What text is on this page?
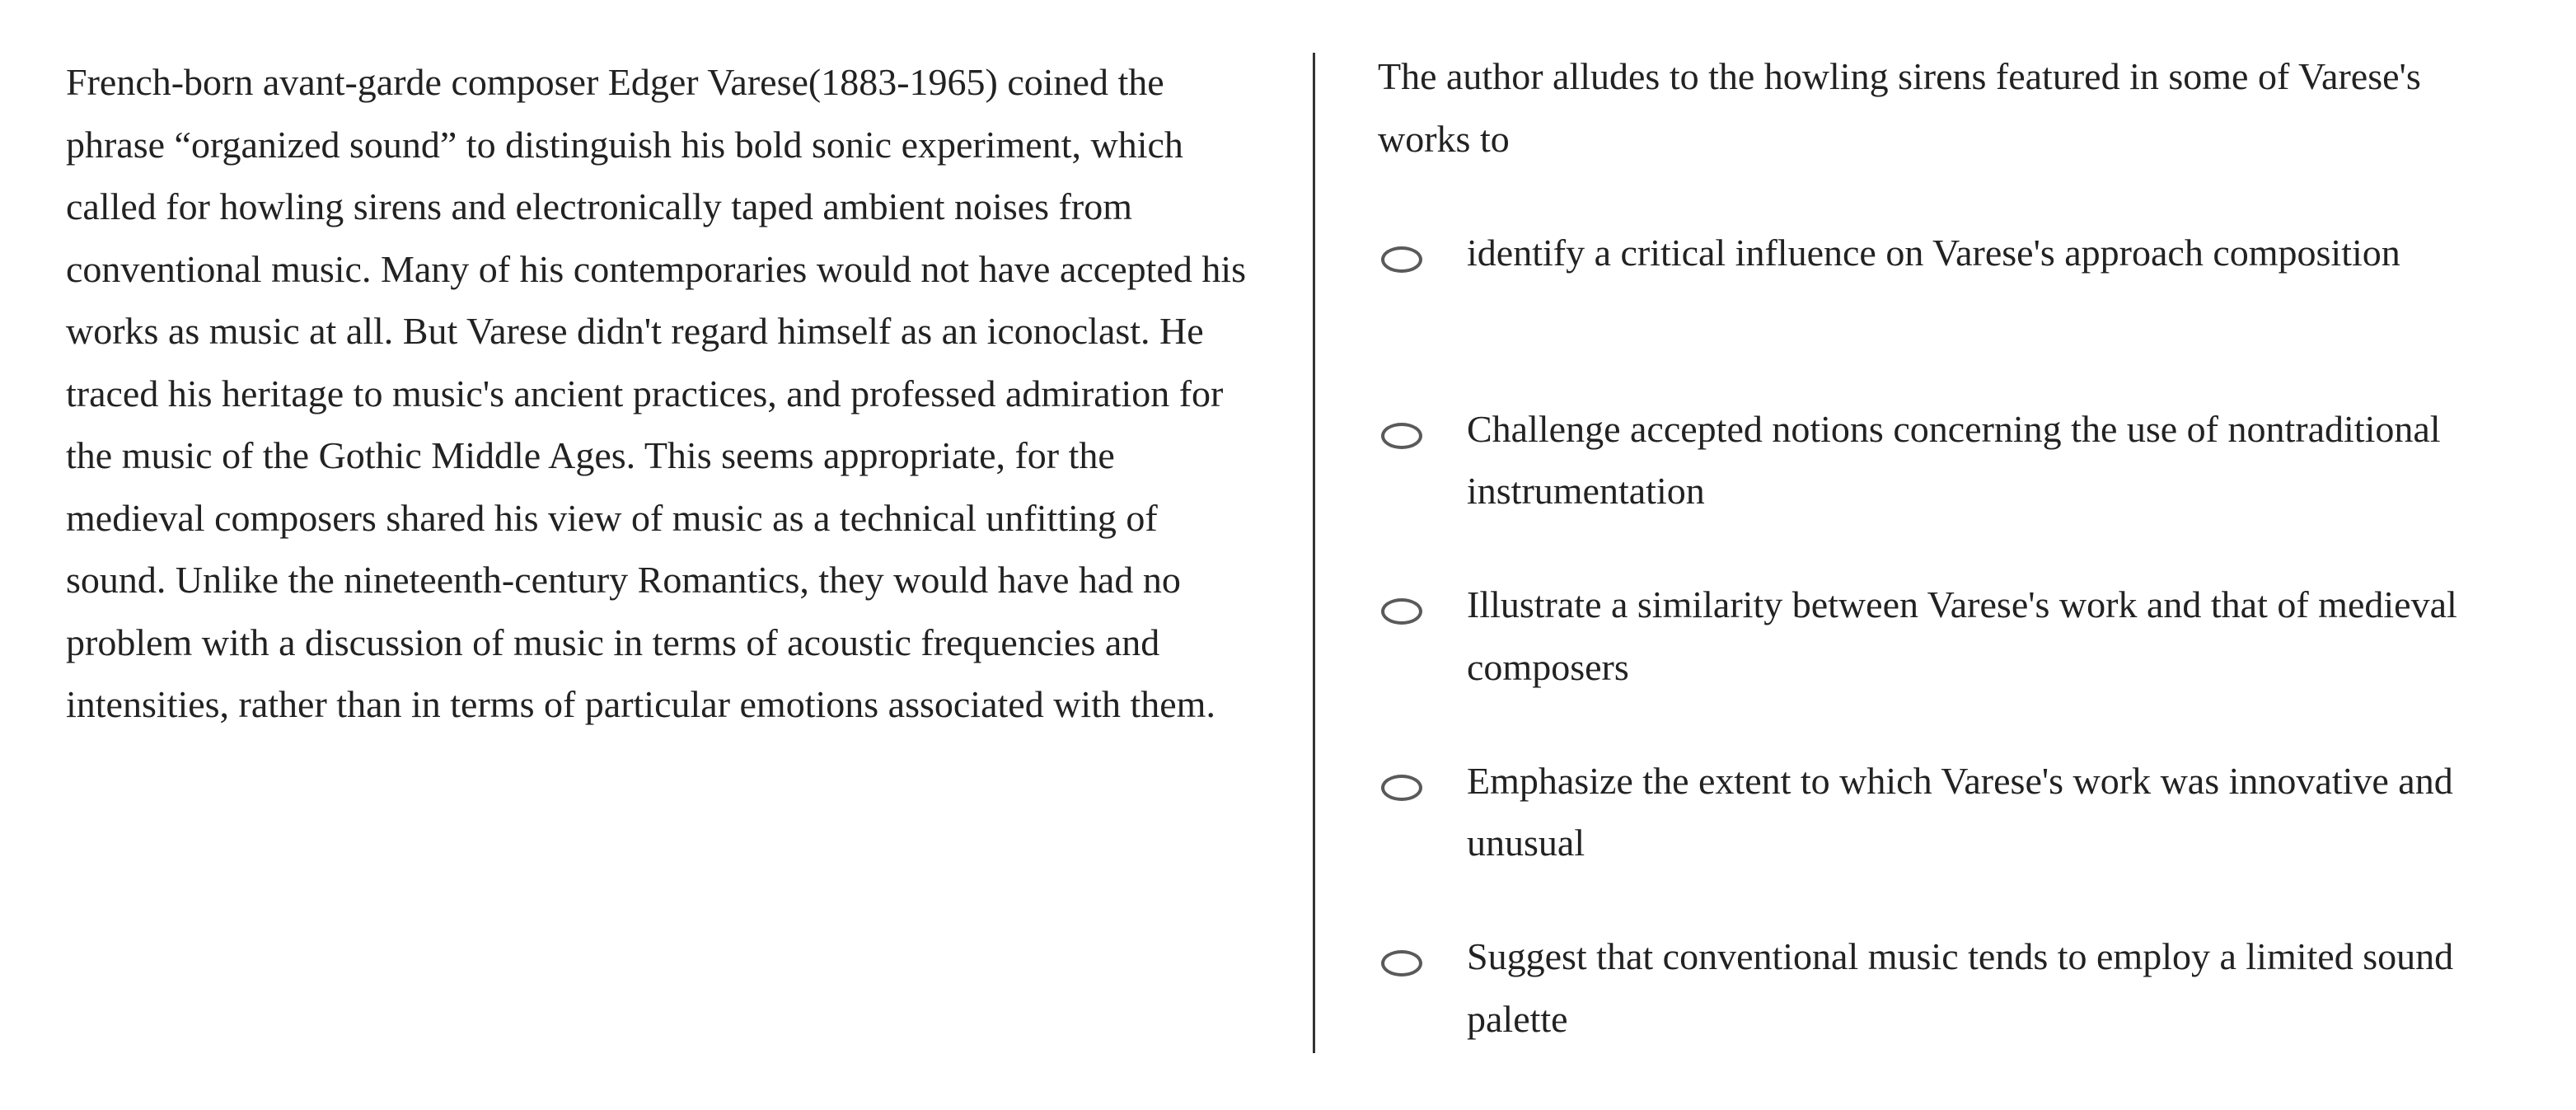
French-born avant-garde composer Edger Varese(1883-1965) coined the phrase “organized sound” to distinguish his bold sonic experiment, which called for howling sirens and electronically taped ambient noises from conventional music. Many of his contemporaries would not have accepted his works as music at all. But Varese didn't regard himself as an iconoclast. He traced his heritage to music's ancient practices, and professed admiration for the music of the Gothic Middle Ages. This seems appropriate, for the medieval composers shared his view of music as a technical unfitting of sound. Unlike the nineteenth-century Romantics, they would have had no problem with a discussion of music in terms of acoustic frequencies and intensities, rather than in terms of particular emotions associated with them.

The author alludes to the howling sirens featured in some of Varese's works to

identify a critical influence on Varese's approach composition
Challenge accepted notions concerning the use of nontraditional instrumentation
Illustrate a similarity between Varese's work and that of medieval composers
Emphasize the extent to which Varese's work was innovative and unusual
Suggest that conventional music tends to employ a limited sound palette
